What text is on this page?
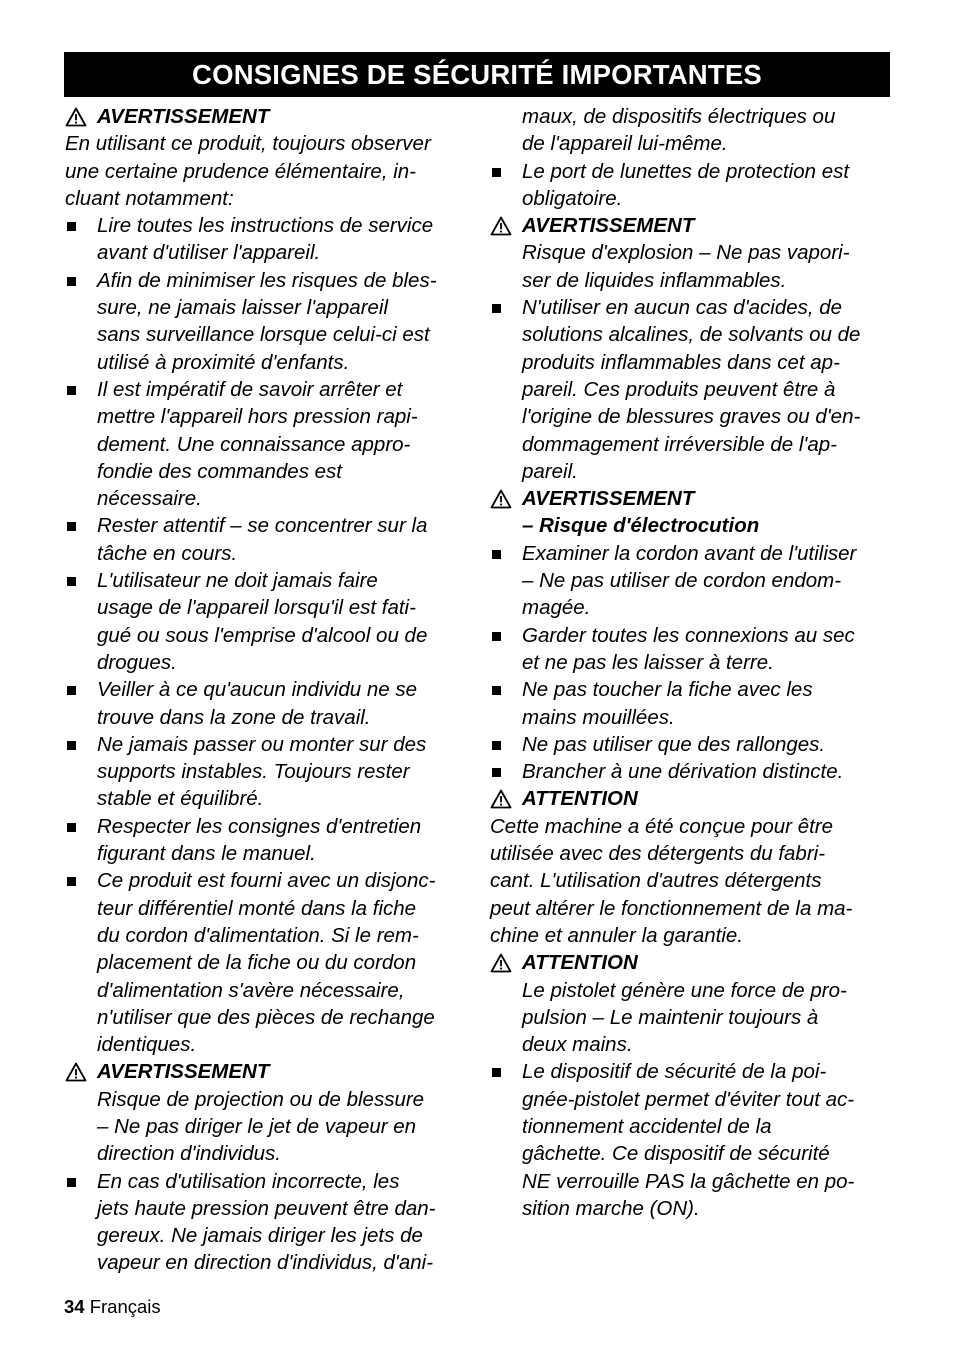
CONSIGNES DE SÉCURITÉ IMPORTANTES
AVERTISSEMENT
En utilisant ce produit, toujours observer
une certaine prudence élémentaire, in-
cluant notamment:
Lire toutes les instructions de service
avant d'utiliser l'appareil.
Afin de minimiser les risques de bles-
sure, ne jamais laisser l'appareil
sans surveillance lorsque celui-ci est
utilisé à proximité d'enfants.
Il est impératif de savoir arrêter et
mettre l'appareil hors pression rapi-
dement. Une connaissance appro-
fondie des commandes est
nécessaire.
Rester attentif – se concentrer sur la
tâche en cours.
L'utilisateur ne doit jamais faire
usage de l'appareil lorsqu'il est fati-
gué ou sous l'emprise d'alcool ou de
drogues.
Veiller à ce qu'aucun individu ne se
trouve dans la zone de travail.
Ne jamais passer ou monter sur des
supports instables. Toujours rester
stable et équilibré.
Respecter les consignes d'entretien
figurant dans le manuel.
Ce produit est fourni avec un disjonc-
teur différentiel monté dans la fiche
du cordon d'alimentation. Si le rem-
placement de la fiche ou du cordon
d'alimentation s'avère nécessaire,
n'utiliser que des pièces de rechange
identiques.
AVERTISSEMENT
Risque de projection ou de blessure
– Ne pas diriger le jet de vapeur en
direction d'individus.
En cas d'utilisation incorrecte, les
jets haute pression peuvent être dan-
gereux. Ne jamais diriger les jets de
vapeur en direction d'individus, d'ani-
maux, de dispositifs électriques ou
de l'appareil lui-même.
Le port de lunettes de protection est
obligatoire.
AVERTISSEMENT
Risque d'explosion – Ne pas vapori-
ser de liquides inflammables.
N'utiliser en aucun cas d'acides, de
solutions alcalines, de solvants ou de
produits inflammables dans cet ap-
pareil. Ces produits peuvent être à
l'origine de blessures graves ou d'en-
dommagement irréversible de l'ap-
pareil.
AVERTISSEMENT
– Risque d'électrocution
Examiner la cordon avant de l'utiliser
– Ne pas utiliser de cordon endom-
magée.
Garder toutes les connexions au sec
et ne pas les laisser à terre.
Ne pas toucher la fiche avec les
mains mouillées.
Ne pas utiliser que des rallonges.
Brancher à une dérivation distincte.
ATTENTION
Cette machine a été conçue pour être
utilisée avec des détergents du fabri-
cant. L'utilisation d'autres détergents
peut altérer le fonctionnement de la ma-
chine et annuler la garantie.
ATTENTION
Le pistolet génère une force de pro-
pulsion – Le maintenir toujours à
deux mains.
Le dispositif de sécurité de la poi-
gnée-pistolet permet d'éviter tout ac-
tionnement accidentel de la
gâchette. Ce dispositif de sécurité
NE verrouille PAS la gâchette en po-
sition marche (ON).
34 Français
